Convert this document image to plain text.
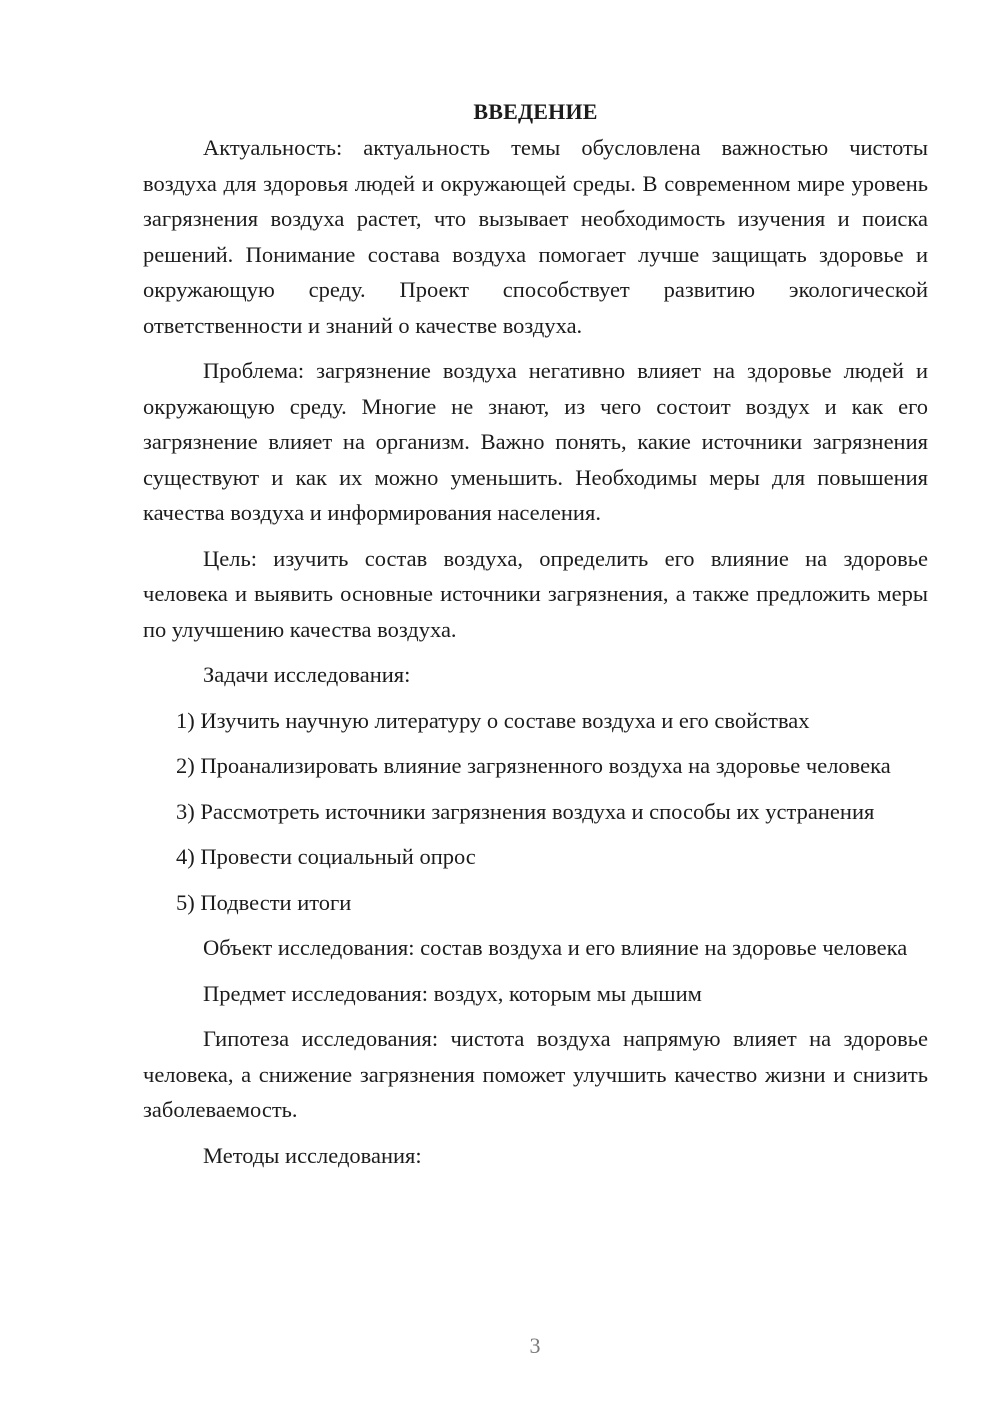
ВВЕДЕНИЕ

Актуальность: актуальность темы обусловлена важностью чистоты воздуха для здоровья людей и окружающей среды. В современном мире уровень загрязнения воздуха растет, что вызывает необходимость изучения и поиска решений. Понимание состава воздуха помогает лучше защищать здоровье и окружающую среду. Проект способствует развитию экологической ответственности и знаний о качестве воздуха.

Проблема: загрязнение воздуха негативно влияет на здоровье людей и окружающую среду. Многие не знают, из чего состоит воздух и как его загрязнение влияет на организм. Важно понять, какие источники загрязнения существуют и как их можно уменьшить. Необходимы меры для повышения качества воздуха и информирования населения.

Цель: изучить состав воздуха, определить его влияние на здоровье человека и выявить основные источники загрязнения, а также предложить меры по улучшению качества воздуха.

Задачи исследования:

1) Изучить научную литературу о составе воздуха и его свойствах

2) Проанализировать влияние загрязненного воздуха на здоровье человека

3) Рассмотреть источники загрязнения воздуха и способы их устранения

4) Провести социальный опрос

5) Подвести итоги

Объект исследования: состав воздуха и его влияние на здоровье человека

Предмет исследования: воздух, которым мы дышим

Гипотеза исследования: чистота воздуха напрямую влияет на здоровье человека, а снижение загрязнения поможет улучшить качество жизни и снизить заболеваемость.

Методы исследования:

3
